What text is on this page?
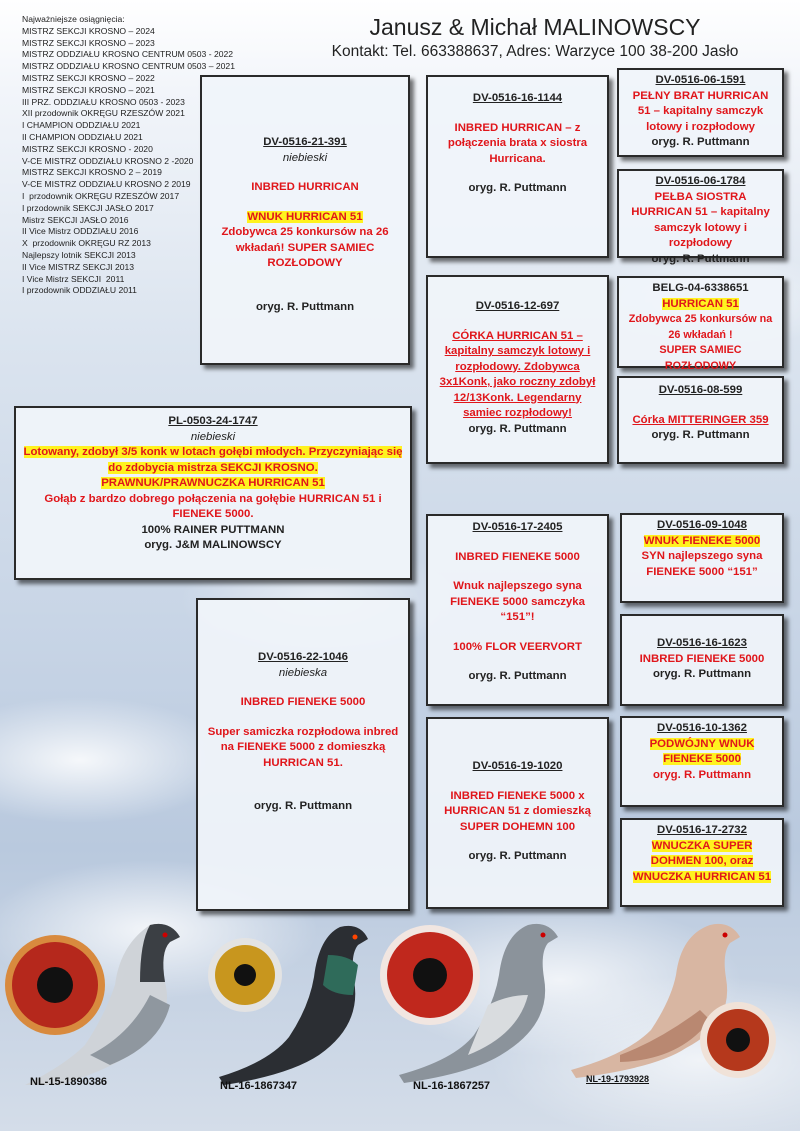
Najważniejsze osiągnięcia:
MISTRZ SEKCJI KROSNO – 2024
MISTRZ SEKCJI KROSNO – 2023
MISTRZ ODDZIAŁU KROSNO CENTRUM 0503 - 2022
MISTRZ ODDZIAŁU KROSNO CENTRUM 0503 – 2021
MISTRZ SEKCJI KROSNO – 2022
MISTRZ SEKCJI KROSNO – 2021
III PRZ. ODDZIAŁU KROSNO 0503 - 2023
XII przodownik OKRĘGU RZESZÓW 2021
I CHAMPION ODDZIAŁU 2021
II CHAMPION ODDZIAŁU 2021
MISTRZ SEKCJI KROSNO - 2020
V-CE MISTRZ ODDZIAŁU KROSNO 2 -2020
MISTRZ SEKCJI KROSNO 2 – 2019
V-CE MISTRZ ODDZIAŁU KROSNO 2 2019
I  przodownik OKRĘGU RZESZÓW 2017
I przodownik SEKCJI JASŁO 2017
Mistrz SEKCJI JASŁO 2016
II Vice Mistrz ODDZIAŁU 2016
X  przodownik OKRĘGU RZ 2013
Najlepszy lotnik SEKCJI 2013
II Vice MISTRZ SEKCJI 2013
I Vice Mistrz SEKCJI  2011
I przodownik ODDZIAŁU 2011
Janusz & Michał MALINOWSCY
Kontakt: Tel. 663388637, Adres: Warzyce 100 38-200 Jasło
PL-0503-24-1747
niebieski
Lotowany, zdobył 3/5 konk w lotach gołębi młodych. Przyczyniając się do zdobycia mistrza SEKCJI KROSNO.
PRAWNUK/PRAWNUCZKA HURRICAN 51
Gołąb z bardzo dobrego połączenia na gołębie HURRICAN 51 i FIENEKE 5000.
100% RAINER PUTTMANN
oryg. J&M MALINOWSCY
DV-0516-21-391
niebieski
INBRED HURRICAN
WNUK HURRICAN 51
Zdobywca 25 konkursów na 26 wkładań! SUPER SAMIEC ROZŁODOWY
oryg. R. Puttmann
DV-0516-16-1144
INBRED HURRICAN – z połączenia brata x siostra Hurricana.
oryg. R. Puttmann
DV-0516-06-1591
PEŁNY BRAT HURRICAN 51 – kapitalny samczyk lotowy i rozpłodowy
oryg. R. Puttmann
DV-0516-06-1784
PEŁBA SIOSTRA HURRICAN 51 – kapitalny samczyk lotowy i rozpłodowy
oryg. R. Puttmann
DV-0516-12-697
CÓRKA HURRICAN 51 – kapitalny samczyk lotowy i rozpłodowy. Zdobywca 3x1Konk, jako roczny zdobył 12/13Konk. Legendarny samiec rozpłodowy!
oryg. R. Puttmann
BELG-04-6338651
HURRICAN 51
Zdobywca 25 konkursów na 26 wkładań !
SUPER SAMIEC ROZŁODOWY
DV-0516-08-599
Córka MITTERINGER 359
oryg. R. Puttmann
DV-0516-22-1046
niebieska
INBRED FIENEKE 5000
Super samiczka rozpłodowa inbred na FIENEKE 5000 z domieszką HURRICAN 51.
oryg. R. Puttmann
DV-0516-17-2405
INBRED FIENEKE 5000
Wnuk najlepszego syna FIENEKE 5000 samczyka “151”!
100% FLOR VEERVORT
oryg. R. Puttmann
DV-0516-09-1048
WNUK FIENEKE 5000
SYN najlepszego syna FIENEKE 5000 “151”
DV-0516-16-1623
INBRED FIENEKE 5000
oryg. R. Puttmann
DV-0516-19-1020
INBRED FIENEKE 5000 x HURRICAN 51 z domieszką SUPER DOHEMN 100
oryg. R. Puttmann
DV-0516-10-1362
PODWÓJNY WNUK FIENEKE 5000
oryg. R. Puttmann
DV-0516-17-2732
WNUCZKA SUPER DOHMEN 100, oraz WNUCZKA HURRICAN 51
NL-15-1890386	NL-16-1867347	NL-16-1867257
NL-19-1793928
